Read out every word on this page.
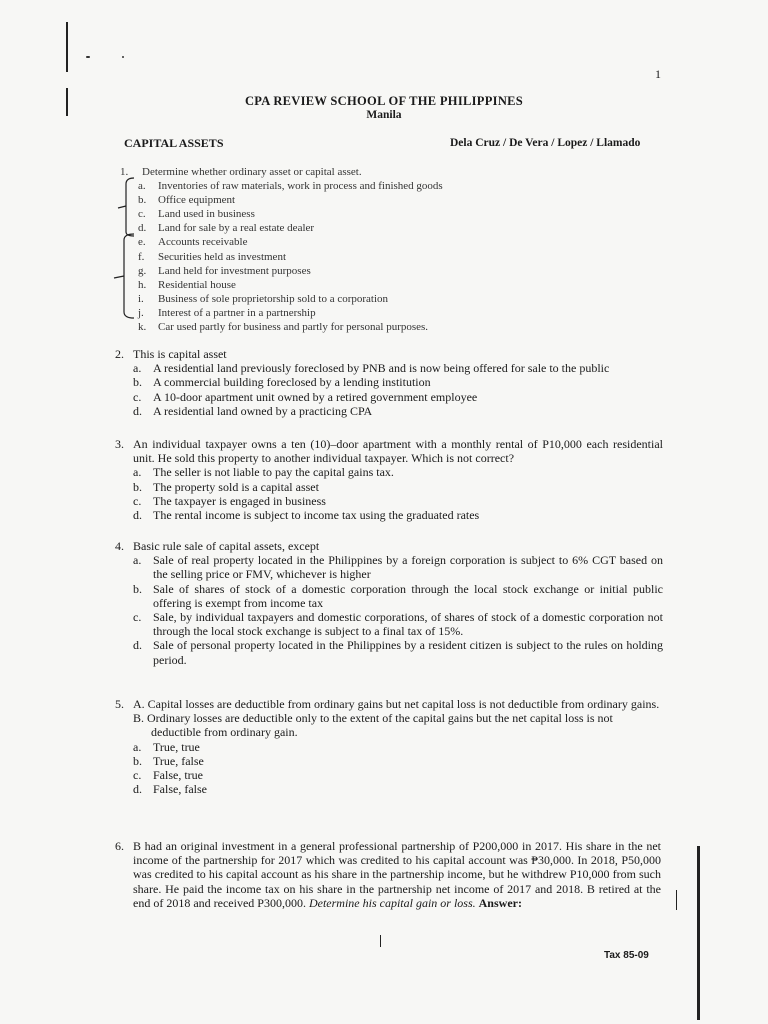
1
CPA REVIEW SCHOOL OF THE PHILIPPINES
Manila
CAPITAL ASSETS	Dela Cruz / De Vera / Lopez / Llamado
1. Determine whether ordinary asset or capital asset.
a. Inventories of raw materials, work in process and finished goods
b. Office equipment
c. Land used in business
d. Land for sale by a real estate dealer
e. Accounts receivable
f. Securities held as investment
g. Land held for investment purposes
h. Residential house
i. Business of sole proprietorship sold to a corporation
j. Interest of a partner in a partnership
k. Car used partly for business and partly for personal purposes.
2. This is capital asset
a. A residential land previously foreclosed by PNB and is now being offered for sale to the public
b. A commercial building foreclosed by a lending institution
c. A 10-door apartment unit owned by a retired government employee
d. A residential land owned by a practicing CPA
3. An individual taxpayer owns a ten (10)–door apartment with a monthly rental of P10,000 each residential unit. He sold this property to another individual taxpayer. Which is not correct?
a. The seller is not liable to pay the capital gains tax.
b. The property sold is a capital asset
c. The taxpayer is engaged in business
d. The rental income is subject to income tax using the graduated rates
4. Basic rule sale of capital assets, except
a. Sale of real property located in the Philippines by a foreign corporation is subject to 6% CGT based on the selling price or FMV, whichever is higher
b. Sale of shares of stock of a domestic corporation through the local stock exchange or initial public offering is exempt from income tax
c. Sale, by individual taxpayers and domestic corporations, of shares of stock of a domestic corporation not through the local stock exchange is subject to a final tax of 15%.
d. Sale of personal property located in the Philippines by a resident citizen is subject to the rules on holding period.
5. A. Capital losses are deductible from ordinary gains but net capital loss is not deductible from ordinary gains.
B. Ordinary losses are deductible only to the extent of the capital gains but the net capital loss is not deductible from ordinary gain.
a. True, true
b. True, false
c. False, true
d. False, false
6. B had an original investment in a general professional partnership of P200,000 in 2017. His share in the net income of the partnership for 2017 which was credited to his capital account was ₱30,000. In 2018, P50,000 was credited to his capital account as his share in the partnership income, but he withdrew P10,000 from such share. He paid the income tax on his share in the partnership net income of 2017 and 2018. B retired at the end of 2018 and received P300,000. Determine his capital gain or loss. Answer:
Tax 85-09
